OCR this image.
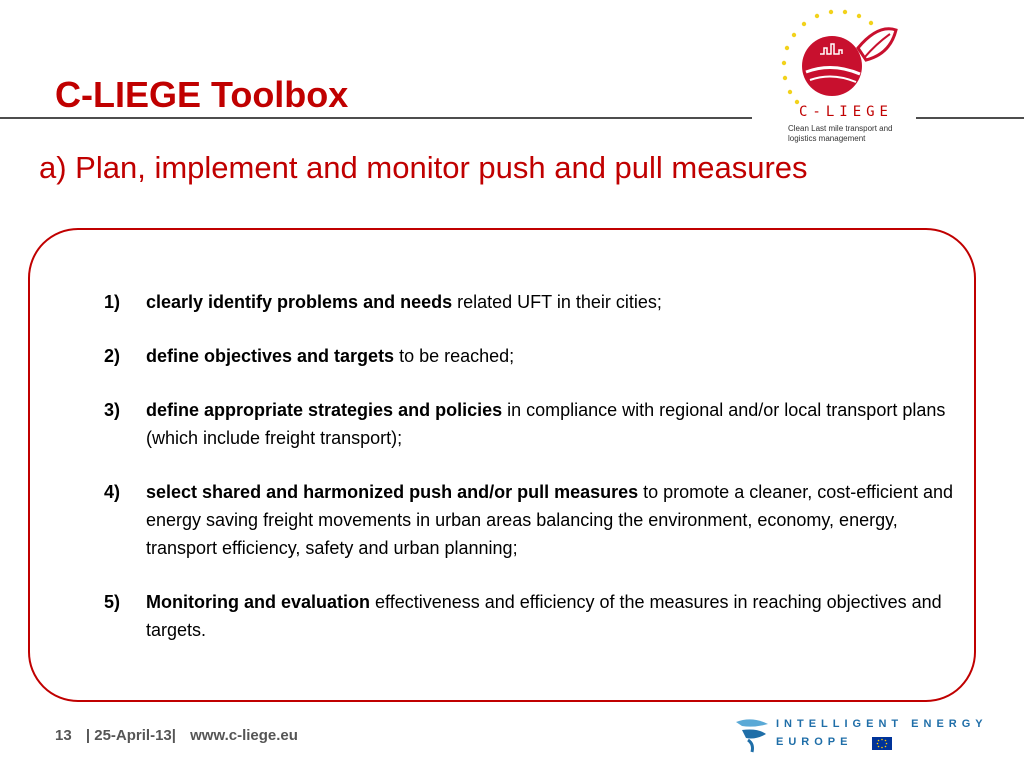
C-LIEGE Toolbox	C-LIEGE
Clean Last mile transport and logistics management
a) Plan, implement and monitor push and pull measures
1) clearly identify problems and needs related UFT in their cities;
2) define objectives and targets to be reached;
3) define appropriate strategies and policies in compliance with regional and/or local transport plans (which include freight transport);
4) select shared and harmonized push and/or pull measures to promote a cleaner, cost-efficient and energy saving freight movements in urban areas balancing the environment, economy, energy, transport efficiency, safety and urban planning;
5) Monitoring and evaluation effectiveness and efficiency of the measures in reaching objectives and targets.
13 | 25-April-13| www.c-liege.eu
INTELLIGENT ENERGY
EUROPE
